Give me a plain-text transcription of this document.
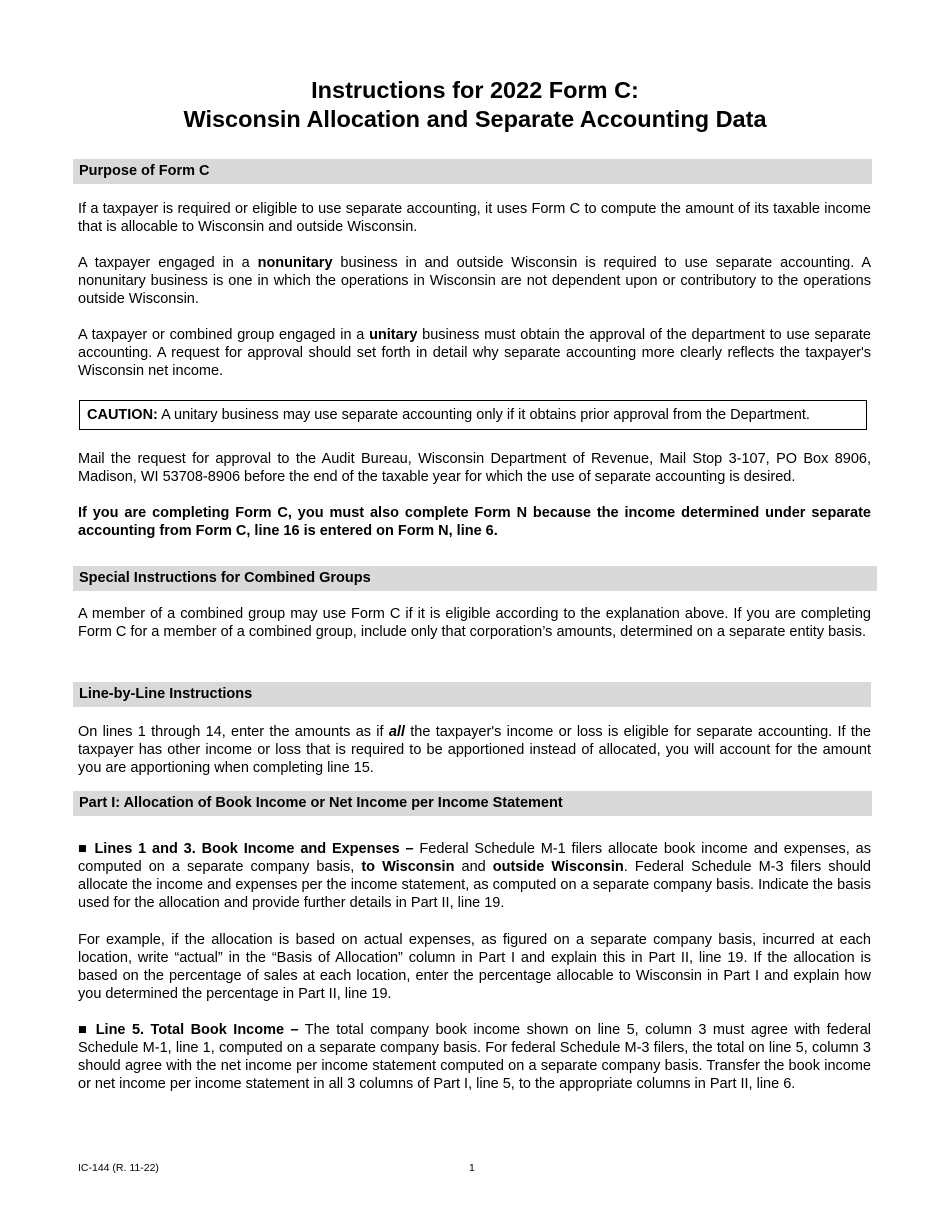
Instructions for 2022 Form C:
Wisconsin Allocation and Separate Accounting Data
Purpose of Form C

If a taxpayer is required or eligible to use separate accounting, it uses Form C to compute the amount of its taxable income that is allocable to Wisconsin and outside Wisconsin.

A taxpayer engaged in a nonunitary business in and outside Wisconsin is required to use separate accounting. A nonunitary business is one in which the operations in Wisconsin are not dependent upon or contributory to the operations outside Wisconsin.

A taxpayer or combined group engaged in a unitary business must obtain the approval of the department to use separate accounting. A request for approval should set forth in detail why separate accounting more clearly reflects the taxpayer's Wisconsin net income.

CAUTION: A unitary business may use separate accounting only if it obtains prior approval from the Department.

Mail the request for approval to the Audit Bureau, Wisconsin Department of Revenue, Mail Stop 3-107, PO Box 8906, Madison, WI 53708-8906 before the end of the taxable year for which the use of separate accounting is desired.

If you are completing Form C, you must also complete Form N because the income determined under separate accounting from Form C, line 16 is entered on Form N, line 6.

Special Instructions for Combined Groups

A member of a combined group may use Form C if it is eligible according to the explanation above. If you are completing Form C for a member of a combined group, include only that corporation’s amounts, determined on a separate entity basis.

Line-by-Line Instructions

On lines 1 through 14, enter the amounts as if all the taxpayer's income or loss is eligible for separate accounting. If the taxpayer has other income or loss that is required to be apportioned instead of allocated, you will account for the amount you are apportioning when completing line 15.

Part I: Allocation of Book Income or Net Income per Income Statement

■ Lines 1 and 3. Book Income and Expenses – Federal Schedule M-1 filers allocate book income and expenses, as computed on a separate company basis, to Wisconsin and outside Wisconsin. Federal Schedule M-3 filers should allocate the income and expenses per the income statement, as computed on a separate company basis. Indicate the basis used for the allocation and provide further details in Part II, line 19.

For example, if the allocation is based on actual expenses, as figured on a separate company basis, incurred at each location, write “actual” in the “Basis of Allocation” column in Part I and explain this in Part II, line 19. If the allocation is based on the percentage of sales at each location, enter the percentage allocable to Wisconsin in Part I and explain how you determined the percentage in Part II, line 19.

■ Line 5. Total Book Income – The total company book income shown on line 5, column 3 must agree with federal Schedule M-1, line 1, computed on a separate company basis. For federal Schedule M-3 filers, the total on line 5, column 3 should agree with the net income per income statement computed on a separate company basis. Transfer the book income or net income per income statement in all 3 columns of Part I, line 5, to the appropriate columns in Part II, line 6.

IC-144 (R. 11-22)	1
